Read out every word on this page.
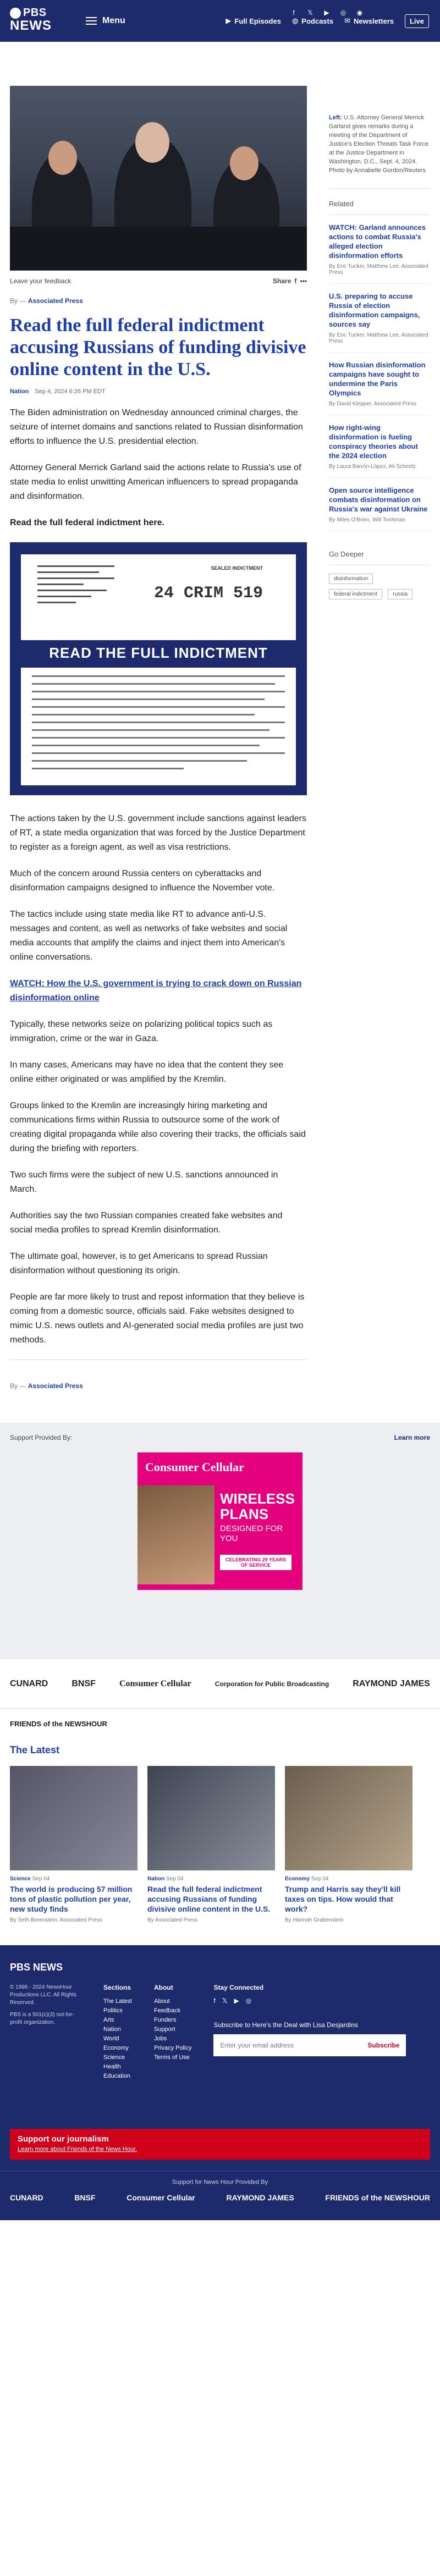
PBS
NEWS	Menu
f	𝕏 ▶ ◎ ◉
▶ Full Episodes ◍ Podcasts ✉ Newsletters Live
Leave your feedback	Share f •••
By — Associated Press
Read the full federal indictment accusing Russians of funding divisive online content in the U.S.
Nation Sep 4, 2024 6:26 PM EDT

The Biden administration on Wednesday announced criminal charges, the seizure of internet domains and sanctions related to Russian disinformation efforts to influence the U.S. presidential election.

Attorney General Merrick Garland said the actions relate to Russia's use of state media to enlist unwitting American influencers to spread propaganda and disinformation.

Read the full federal indictment here.

SEALED INDICTMENT
24 CRIM 519
READ THE FULL INDICTMENT

The actions taken by the U.S. government include sanctions against leaders of RT, a state media organization that was forced by the Justice Department to register as a foreign agent, as well as visa restrictions.

Much of the concern around Russia centers on cyberattacks and disinformation campaigns designed to influence the November vote.

The tactics include using state media like RT to advance anti-U.S. messages and content, as well as networks of fake websites and social media accounts that amplify the claims and inject them into American's online conversations.

WATCH: How the U.S. government is trying to crack down on Russian disinformation online

Typically, these networks seize on polarizing political topics such as immigration, crime or the war in Gaza.

In many cases, Americans may have no idea that the content they see online either originated or was amplified by the Kremlin.

Groups linked to the Kremlin are increasingly hiring marketing and communications firms within Russia to outsource some of the work of creating digital propaganda while also covering their tracks, the officials said during the briefing with reporters.

Two such firms were the subject of new U.S. sanctions announced in March.

Authorities say the two Russian companies created fake websites and social media profiles to spread Kremlin disinformation.

The ultimate goal, however, is to get Americans to spread Russian disinformation without questioning its origin.

People are far more likely to trust and repost information that they believe is coming from a domestic source, officials said. Fake websites designed to mimic U.S. news outlets and AI-generated social media profiles are just two methods.

By — Associated Press
Left: U.S. Attorney General Merrick Garland gives remarks during a meeting of the Department of Justice's Election Threats Task Force at the Justice Department in Washington, D.C., Sept. 4, 2024. Photo by Annabelle Gordon/Reuters
Related
WATCH: Garland announces actions to combat Russia's alleged election disinformation efforts
By Eric Tucker, Matthew Lee, Associated Press
U.S. preparing to accuse Russia of election disinformation campaigns, sources say
By Eric Tucker, Matthew Lee, Associated Press
How Russian disinformation campaigns have sought to undermine the Paris Olympics
By David Klepper, Associated Press
How right-wing disinformation is fueling conspiracy theories about the 2024 election
By Laura Barrón-López, Ali Schmitz
Open source intelligence combats disinformation on Russia's war against Ukraine
By Miles O'Brien, Will Toohman
Go Deeper
disinformation federal indictment	russia
Support Provided By:	Learn more
Consumer Cellular
WIRELESS PLANS
DESIGNED FOR YOU
CELEBRATING 29 YEARS OF SERVICE
CUNARD	BNSF	Consumer Cellular	Corporation for Public Broadcasting	RAYMOND JAMES
FRIENDS of the NEWSHOUR
The Latest
Science Sep 04
The world is producing 57 million tons of plastic pollution per year, new study finds
By Seth Borenstein, Associated Press
Nation Sep 04
Read the full federal indictment accusing Russians of funding divisive online content in the U.S.
By Associated Press
Economy Sep 04
Trump and Harris say they'll kill taxes on tips. How would that work?
By Hannah Grabenstein
PBS NEWS
© 1996 - 2024 NewsHour Productions LLC. All Rights Reserved.
PBS is a 501(c)(3) not-for-profit organization.
Sections
The Latest
Politics
Arts
Nation
World
Economy
Science
Health
Education
About
About
Feedback
Funders
Support
Jobs
Privacy Policy
Terms of Use
Stay Connected
f 𝕏 ▶ ◎
Subscribe to Here's the Deal with Lisa Desjardins
Enter your email address
Subscribe
Support our journalism
Learn more about Friends of the News Hour.
Support for News Hour Provided By
CUNARD	BNSF	Consumer Cellular	RAYMOND JAMES	FRIENDS of the NEWSHOUR
